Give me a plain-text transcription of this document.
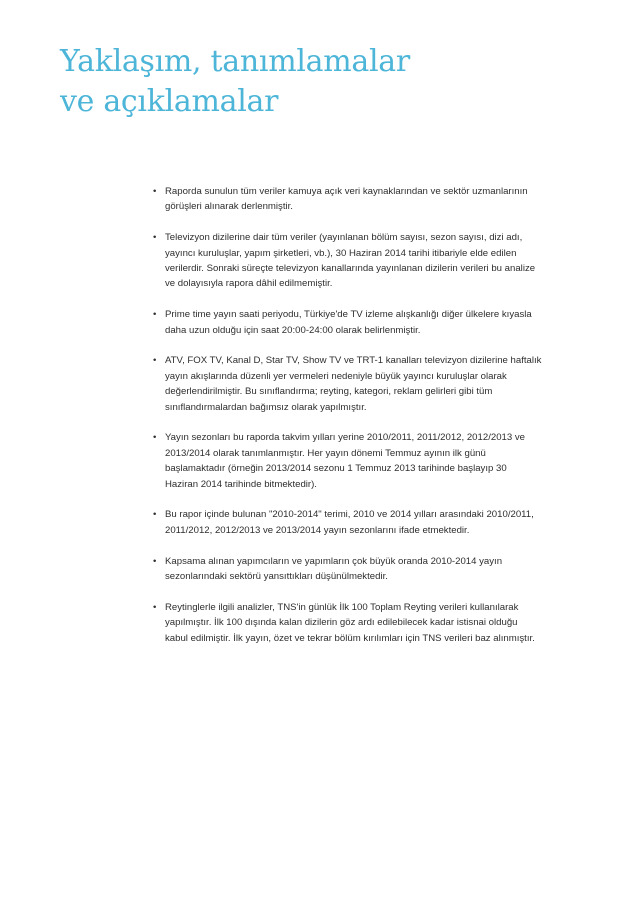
Yaklaşım, tanımlamalar
ve açıklamalar
• Raporda sunulun tüm veriler kamuya açık veri kaynaklarından ve sektör uzmanlarının görüşleri alınarak derlenmiştir.
• Televizyon dizilerine dair tüm veriler (yayınlanan bölüm sayısı, sezon sayısı, dizi adı, yayıncı kuruluşlar, yapım şirketleri, vb.), 30 Haziran 2014 tarihi itibariyle elde edilen verilerdir. Sonraki süreçte televizyon kanallarında yayınlanan dizilerin verileri bu analize ve dolayısıyla rapora dâhil edilmemiştir.
• Prime time yayın saati periyodu, Türkiye'de TV izleme alışkanlığı diğer ülkelere kıyasla daha uzun olduğu için saat 20:00-24:00 olarak belirlenmiştir.
• ATV, FOX TV, Kanal D, Star TV, Show TV ve TRT-1 kanalları televizyon dizilerine haftalık yayın akışlarında düzenli yer vermeleri nedeniyle büyük yayıncı kuruluşlar olarak değerlendirilmiştir. Bu sınıflandırma; reyting, kategori, reklam gelirleri gibi tüm sınıflandırmalardan bağımsız olarak yapılmıştır.
• Yayın sezonları bu raporda takvim yılları yerine 2010/2011, 2011/2012, 2012/2013 ve 2013/2014 olarak tanımlanmıştır. Her yayın dönemi Temmuz ayının ilk günü başlamaktadır (örneğin 2013/2014 sezonu 1 Temmuz 2013 tarihinde başlayıp 30 Haziran 2014 tarihinde bitmektedir).
• Bu rapor içinde bulunan "2010-2014" terimi, 2010 ve 2014 yılları arasındaki 2010/2011, 2011/2012, 2012/2013 ve 2013/2014 yayın sezonlarını ifade etmektedir.
• Kapsama alınan yapımcıların ve yapımların çok büyük oranda 2010-2014 yayın sezonlarındaki sektörü yansıttıkları düşünülmektedir.
• Reytinglerle ilgili analizler, TNS'in günlük İlk 100 Toplam Reyting verileri kullanılarak yapılmıştır. İlk 100 dışında kalan dizilerin göz ardı edilebilecek kadar istisnai olduğu kabul edilmiştir. İlk yayın, özet ve tekrar bölüm kırılımları için TNS verileri baz alınmıştır.
